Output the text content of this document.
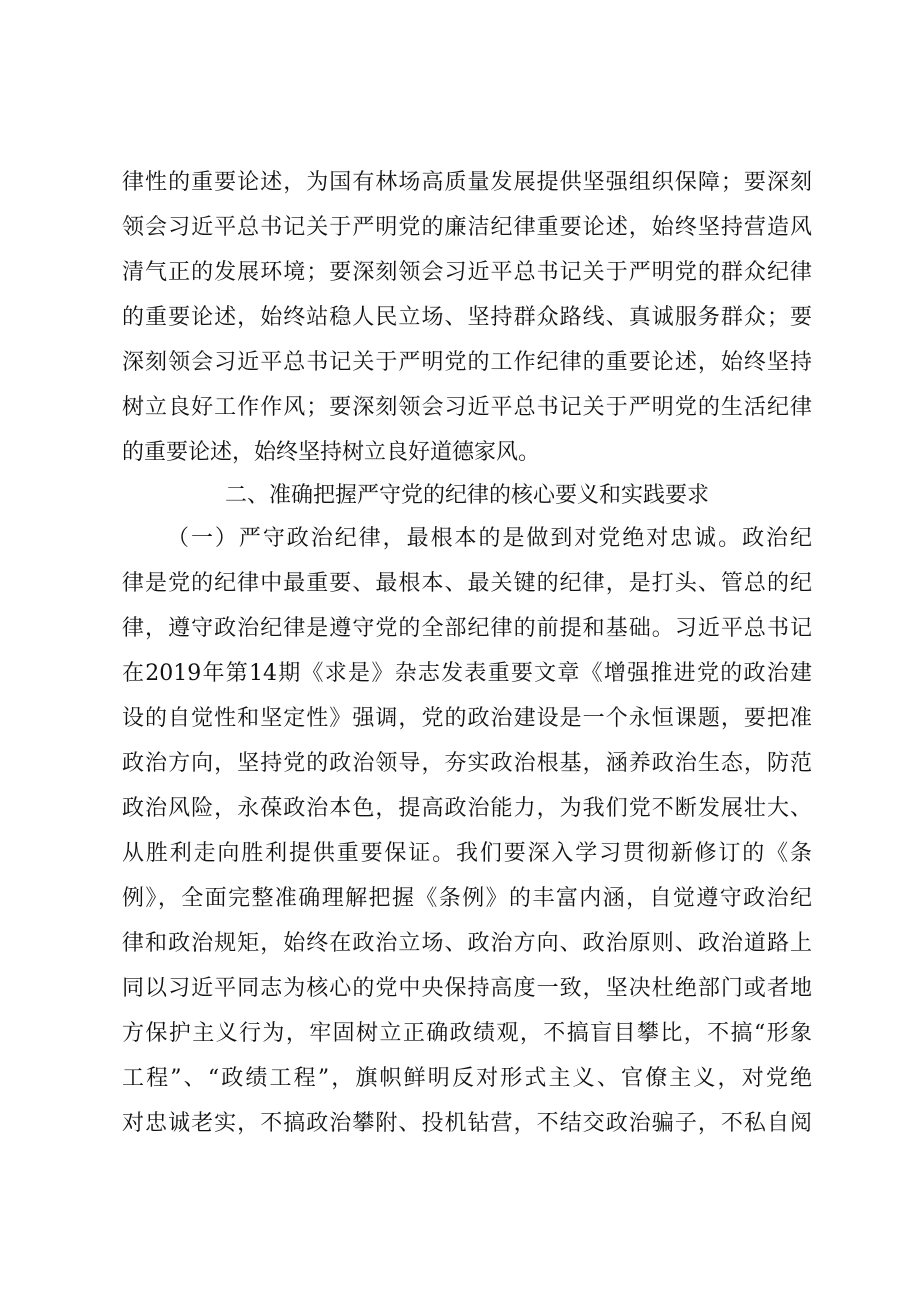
律性的重要论述，为国有林场高质量发展提供坚强组织保障；要深刻
领会习近平总书记关于严明党的廉洁纪律重要论述，始终坚持营造风
清气正的发展环境；要深刻领会习近平总书记关于严明党的群众纪律
的重要论述，始终站稳人民立场、坚持群众路线、真诚服务群众；要
深刻领会习近平总书记关于严明党的工作纪律的重要论述，始终坚持
树立良好工作作风；要深刻领会习近平总书记关于严明党的生活纪律
的重要论述，始终坚持树立良好道德家风。
二、准确把握严守党的纪律的核心要义和实践要求
（一）严守政治纪律，最根本的是做到对党绝对忠诚。政治纪
律是党的纪律中最重要、最根本、最关键的纪律，是打头、管总的纪
律，遵守政治纪律是遵守党的全部纪律的前提和基础。习近平总书记
在2019年第14期《求是》杂志发表重要文章《增强推进党的政治建
设的自觉性和坚定性》强调，党的政治建设是一个永恒课题，要把准
政治方向，坚持党的政治领导，夯实政治根基，涵养政治生态，防范
政治风险，永葆政治本色，提高政治能力，为我们党不断发展壮大、
从胜利走向胜利提供重要保证。我们要深入学习贯彻新修订的《条
例》，全面完整准确理解把握《条例》的丰富内涵，自觉遵守政治纪
律和政治规矩，始终在政治立场、政治方向、政治原则、政治道路上
同以习近平同志为核心的党中央保持高度一致，坚决杜绝部门或者地
方保护主义行为，牢固树立正确政绩观，不搞盲目攀比，不搞“形象
工程”、“政绩工程”，旗帜鲜明反对形式主义、官僚主义，对党绝
对忠诚老实，不搞政治攀附、投机钻营，不结交政治骗子，不私自阅
